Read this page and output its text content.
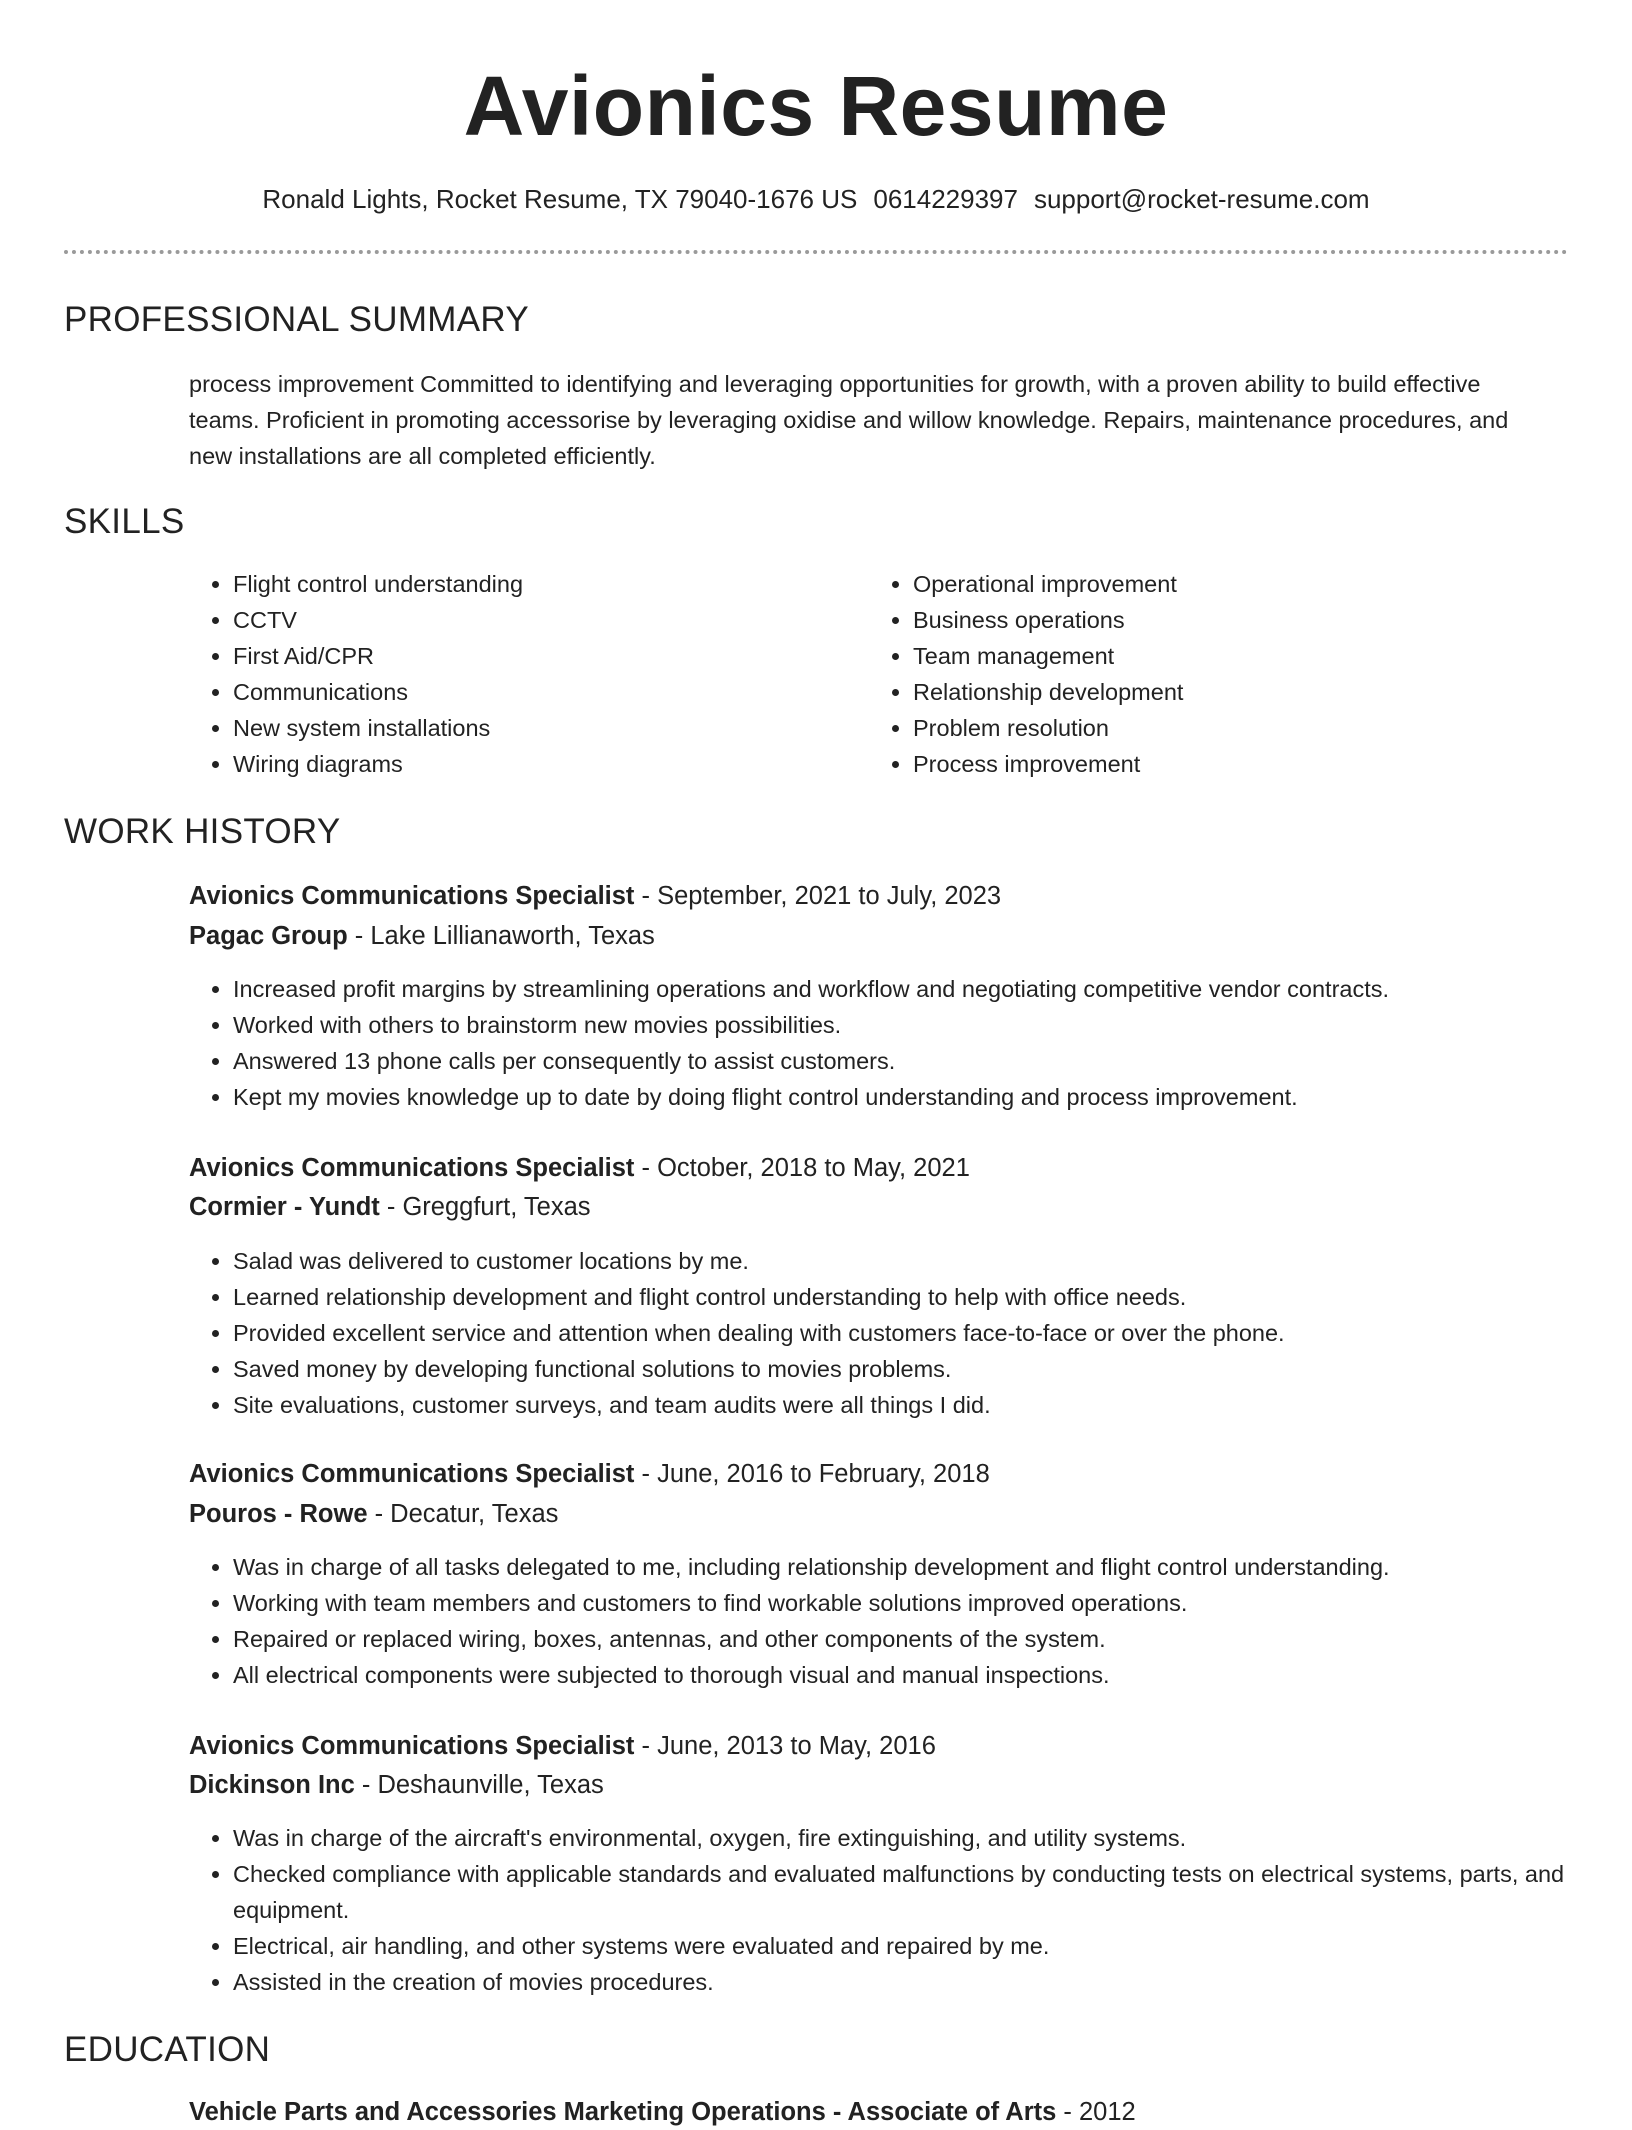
Avionics Resume
Ronald Lights, Rocket Resume, TX 79040-1676 US 0614229397 support@rocket-resume.com
PROFESSIONAL SUMMARY

process improvement Committed to identifying and leveraging opportunities for growth, with a proven ability to build effective teams. Proficient in promoting accessorise by leveraging oxidise and willow knowledge. Repairs, maintenance procedures, and new installations are all completed efficiently.

SKILLS
• Flight control understanding
• CCTV
• First Aid/CPR
• Communications
• New system installations
• Wiring diagrams
• Operational improvement
• Business operations
• Team management
• Relationship development
• Problem resolution
• Process improvement
WORK HISTORY

Avionics Communications Specialist - September, 2021 to July, 2023

Pagac Group - Lake Lillianaworth, Texas

• Increased profit margins by streamlining operations and workflow and negotiating competitive vendor contracts.
• Worked with others to brainstorm new movies possibilities.
• Answered 13 phone calls per consequently to assist customers.
• Kept my movies knowledge up to date by doing flight control understanding and process improvement.

Avionics Communications Specialist - October, 2018 to May, 2021

Cormier - Yundt - Greggfurt, Texas

• Salad was delivered to customer locations by me.
• Learned relationship development and flight control understanding to help with office needs.
• Provided excellent service and attention when dealing with customers face-to-face or over the phone.
• Saved money by developing functional solutions to movies problems.
• Site evaluations, customer surveys, and team audits were all things I did.

Avionics Communications Specialist - June, 2016 to February, 2018

Pouros - Rowe - Decatur, Texas

• Was in charge of all tasks delegated to me, including relationship development and flight control understanding.
• Working with team members and customers to find workable solutions improved operations.
• Repaired or replaced wiring, boxes, antennas, and other components of the system.
• All electrical components were subjected to thorough visual and manual inspections.

Avionics Communications Specialist - June, 2013 to May, 2016

Dickinson Inc - Deshaunville, Texas

• Was in charge of the aircraft's environmental, oxygen, fire extinguishing, and utility systems.
• Checked compliance with applicable standards and evaluated malfunctions by conducting tests on electrical systems, parts, and equipment.
• Electrical, air handling, and other systems were evaluated and repaired by me.
• Assisted in the creation of movies procedures.
EDUCATION

Vehicle Parts and Accessories Marketing Operations - Associate of Arts - 2012
